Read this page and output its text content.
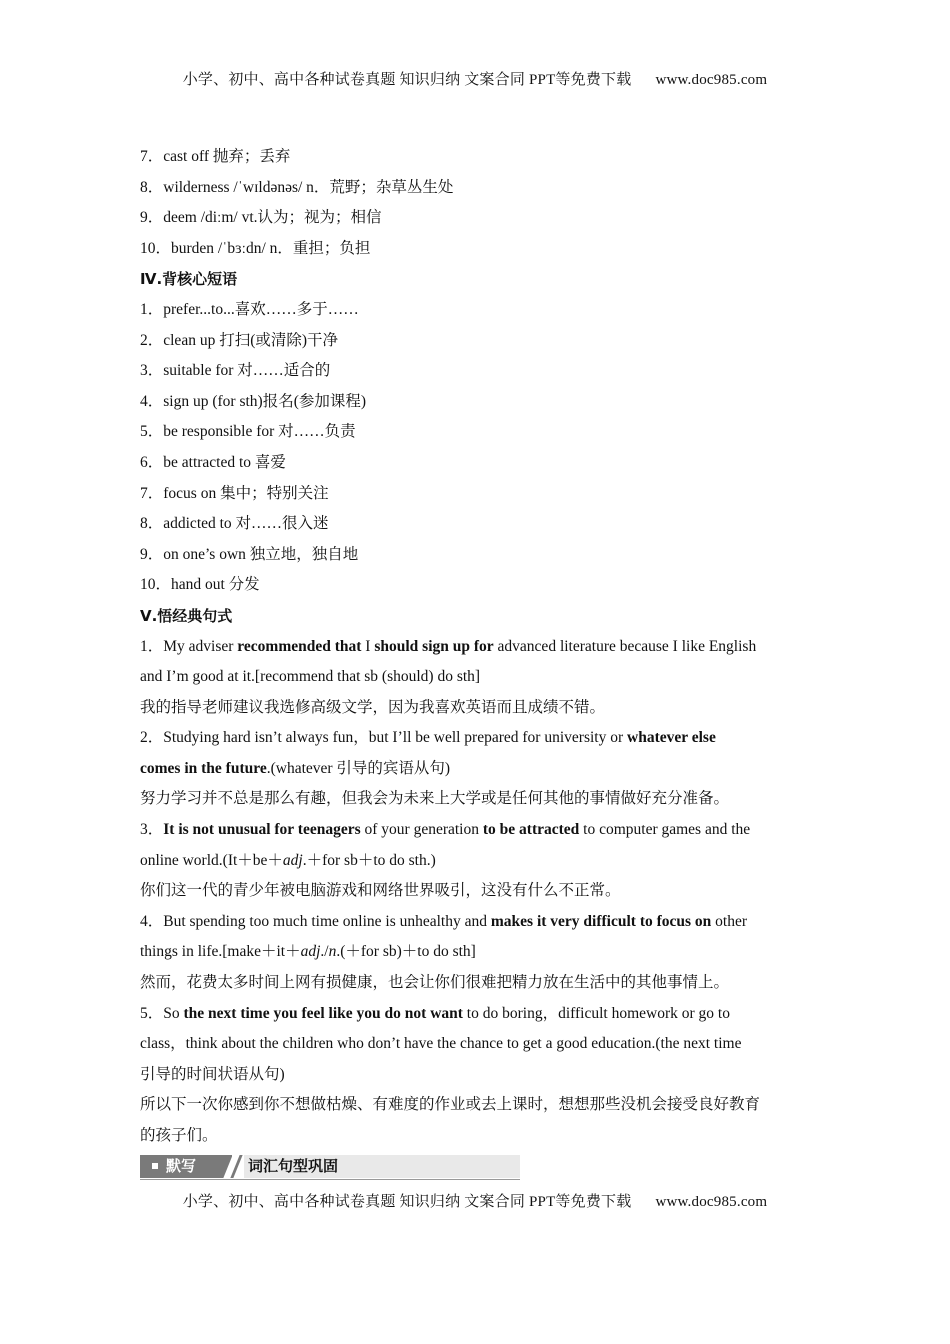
小学、初中、高中各种试卷真题 知识归纳 文案合同 PPT等免费下载 www.doc985.com
7．cast off 抛弃；丢弃
8．wilderness /ˈwɪldənəs/ n．荒野；杂草丛生处
9．deem /diːm/ vt.认为；视为；相信
10．burden /ˈbɜːdn/ n．重担；负担
Ⅳ.背核心短语
1．prefer...to...喜欢……多于……
2．clean up 打扫(或清除)干净
3．suitable for 对……适合的
4．sign up (for sth)报名(参加课程)
5．be responsible for 对……负责
6．be attracted to 喜爱
7．focus on 集中；特别关注
8．addicted to 对……很入迷
9．on one’s own 独立地，独自地
10．hand out 分发
Ⅴ.悟经典句式
1．My adviser recommended that I should sign up for advanced literature because I like English
and I’m good at it.[recommend that sb (should) do sth]
我的指导老师建议我选修高级文学，因为我喜欢英语而且成绩不错。
2．Studying hard isn’t always fun，but I’ll be well prepared for university or whatever else
comes in the future.(whatever 引导的宾语从句)
努力学习并不总是那么有趣，但我会为未来上大学或是任何其他的事情做好充分准备。
3．It is not unusual for teenagers of your generation to be attracted to computer games and the
online world.(It＋be＋adj.＋for sb＋to do sth.)
你们这一代的青少年被电脑游戏和网络世界吸引，这没有什么不正常。
4．But spending too much time online is unhealthy and makes it very difficult to focus on other
things in life.[make＋it＋adj./n.(＋for sb)＋to do sth]
然而，花费太多时间上网有损健康，也会让你们很难把精力放在生活中的其他事情上。
5．So the next time you feel like you do not want to do boring，difficult homework or go to
class，think about the children who don’t have the chance to get a good education.(the next time
引导的时间状语从句)
所以下一次你感到你不想做枯燥、有难度的作业或去上课时，想想那些没机会接受良好教育
的孩子们。
默写	词汇句型巩固
小学、初中、高中各种试卷真题 知识归纳 文案合同 PPT等免费下载 www.doc985.com
